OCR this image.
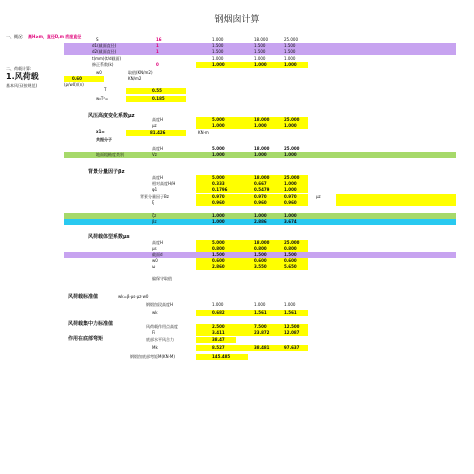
钢烟囱计算
一、概况: 高H≥m，直径D,m 底座直径
S	16	1.000	18.000	25.000
d1(截面直径)	1	1.500	1.500	1.500
d2(截面直径)	1	1.500	1.500	1.500
t(mm)(t/d截面)	1.000	1.000	1.000
修正系数(k)	0	1.000	1.000	1.000
二、荷载计算:
1.风荷载
基本风压(按规范)
w0	取值(KN/m2)
0.60	KN/m2
(ρ/w0)/(n)
T	0.55
w₀T²=	0.185
风压高度变化系数μz
高度H	5.000	18.000	25.000
μz	1.000	1.000	1.000
x1=	81.426	KN·m
共振分子
高度H	5.000	18.000	25.000
地面粗糙度类别	Vz	1.000	1.000	1.000
背景分量因子βz
高度H	5.000	18.000	25.000
相对高度H/H	0.333	0.667	1.000
φ1	0.1796	0.5479	1.000
背景分量因子Bz	0.970	0.970	0.970	μz
ξ	0.960	0.960	0.960
ζz	1.000	1.000	1.000
βz	1.000	2.886	3.674
风荷载体型系数μs
高度H	5.000	18.000	25.000
μs	0.800	0.800	0.800
截面d	1.500	1.500	1.500
w0	0.600	0.600	0.600
ω	2.860	3.550	5.650
偏保守取值
风荷载标准值	wk=β·μs·μz·w0
钢烟囱段高度H	1.000	1.000	1.000
wk	0.682	1.561	1.561
风荷载集中力标准值	风荷载作用点高度	2.500	7.500	12.500
Fi	3.411	23.872	12.087
作用在底部弯矩	底部水平风合力	38.47
Mk	8.527	38.481	97.637
钢烟囱底部弯矩M(KN·M)	145.485
